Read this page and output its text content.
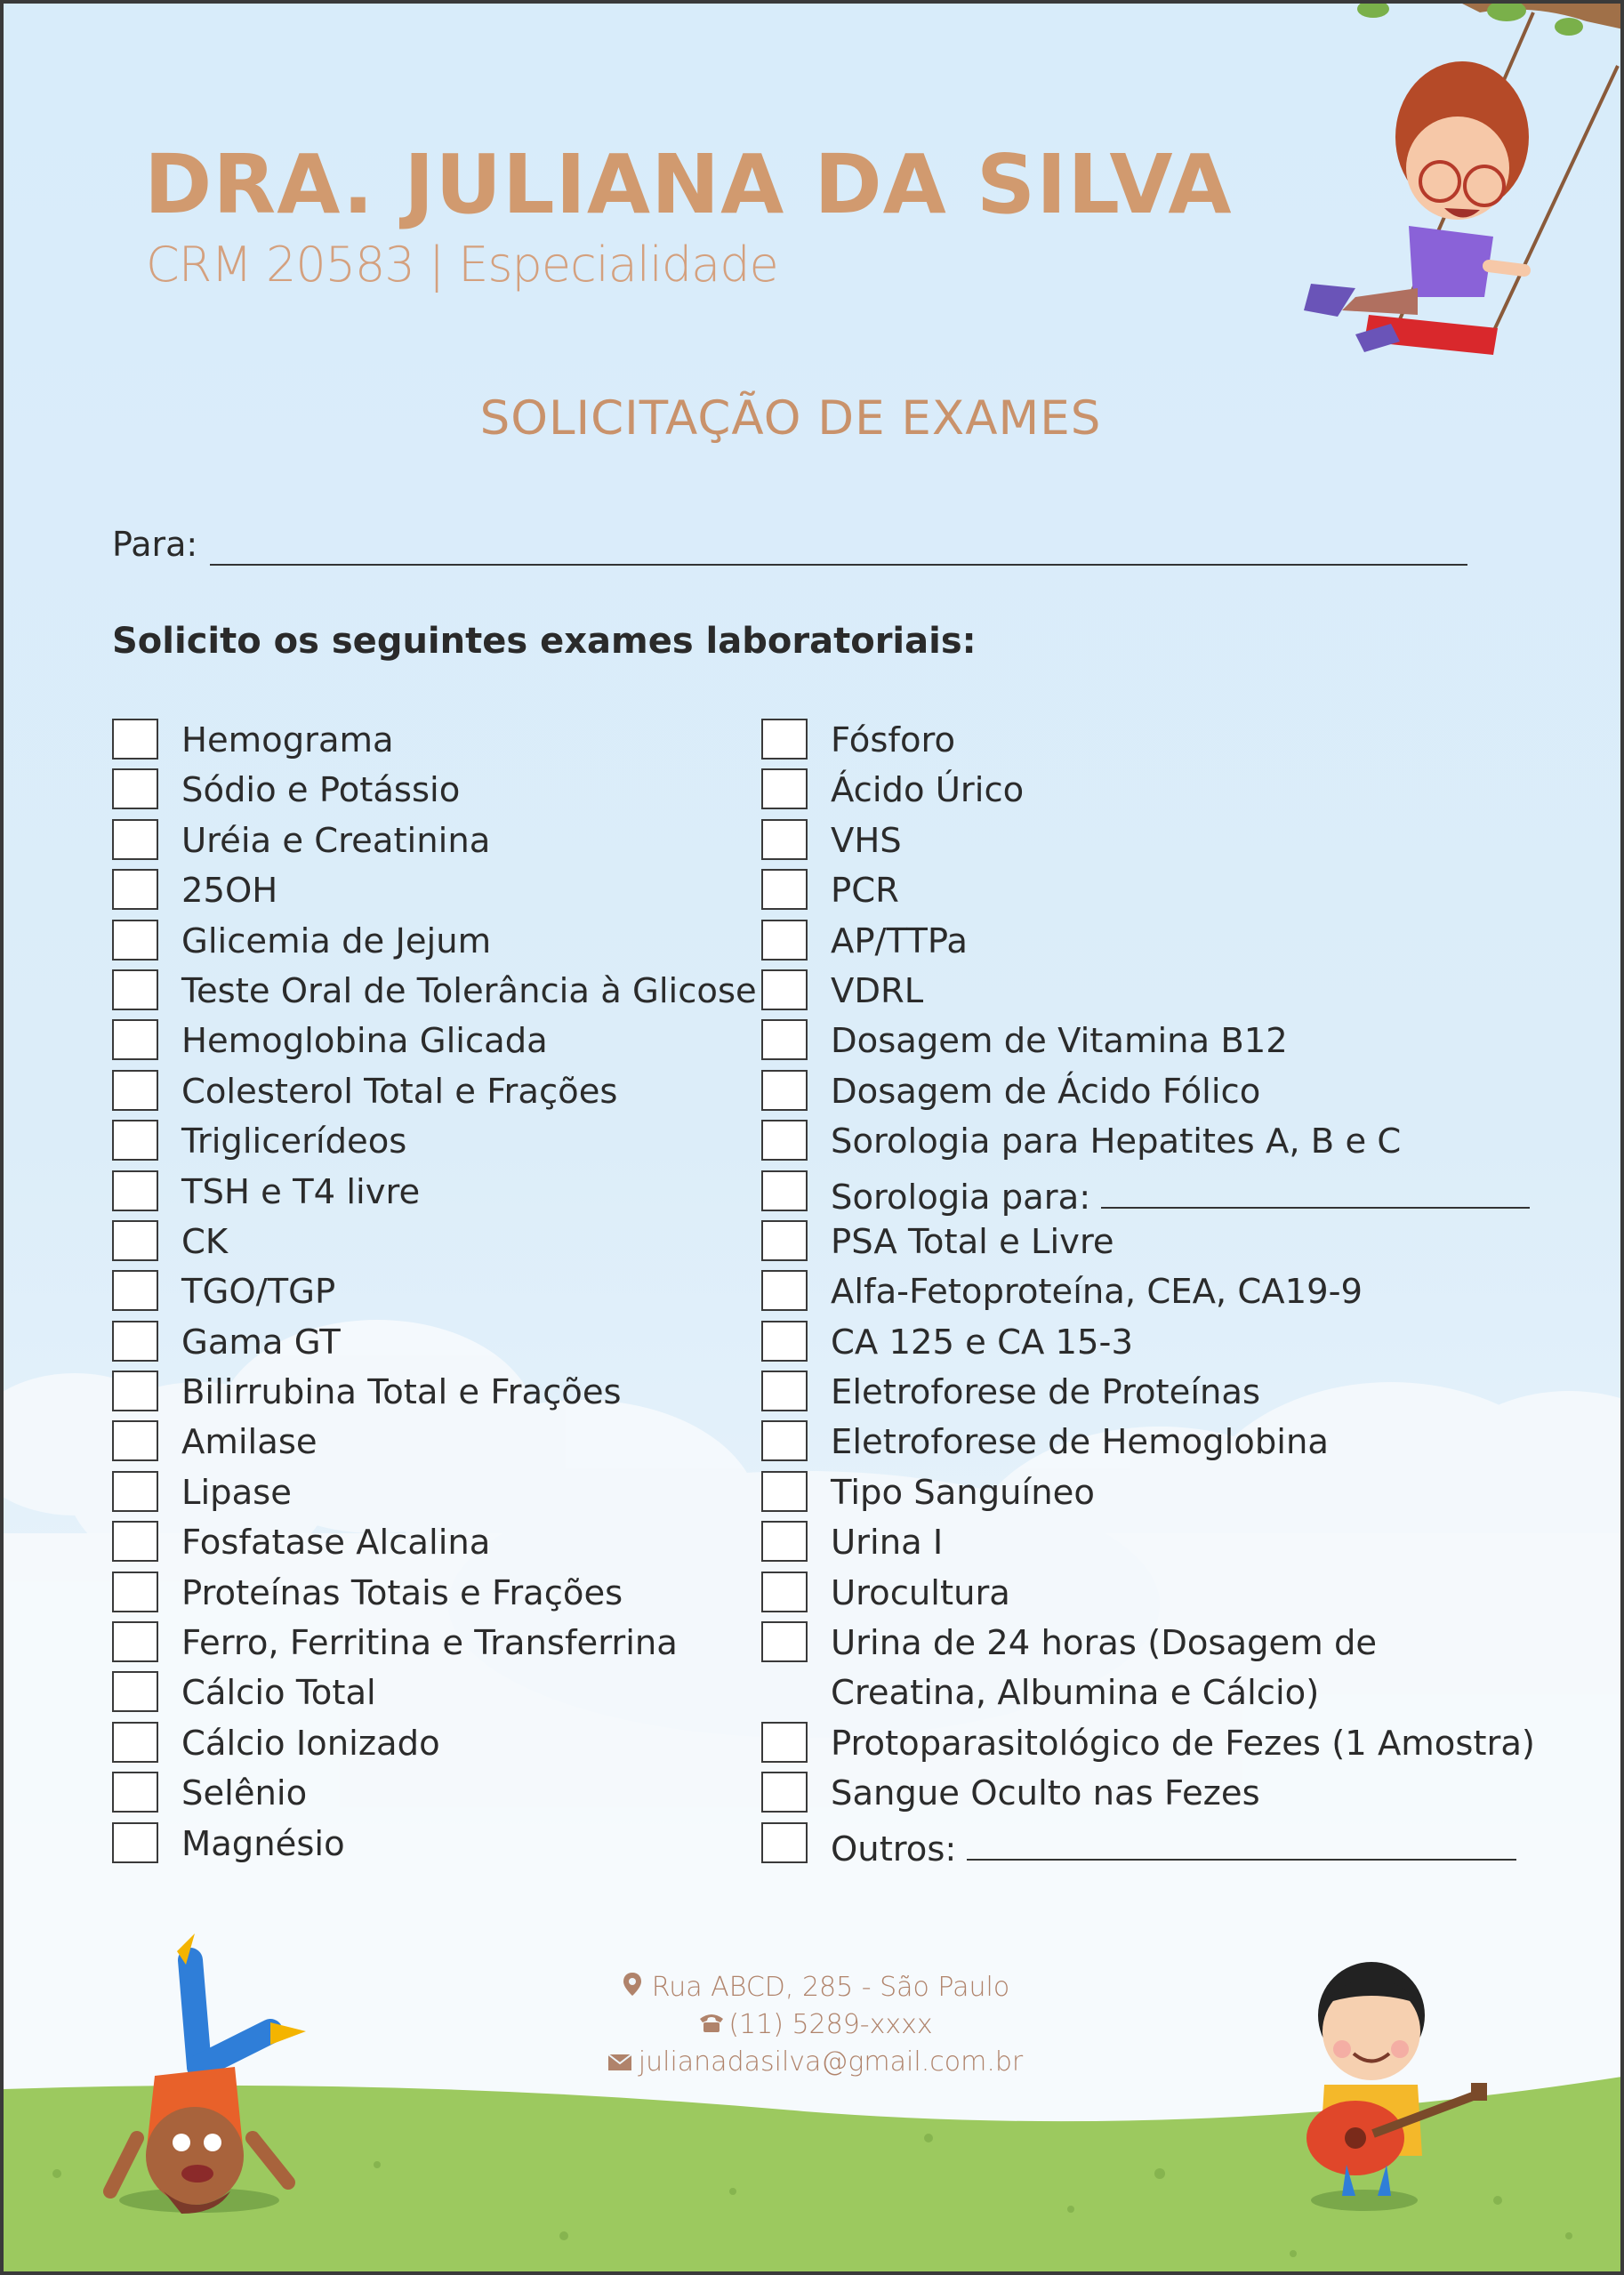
DRA. JULIANA DA SILVA
CRM 20583 | Especialidade
SOLICITAÇÃO DE EXAMES
Para:
Solicito os seguintes exames laboratoriais:
Hemograma
Sódio e Potássio
Uréia e Creatinina
25OH
Glicemia de Jejum
Teste Oral de Tolerância à Glicose
Hemoglobina Glicada
Colesterol Total e Frações
Triglicerídeos
TSH e T4 livre
CK
TGO/TGP
Gama GT
Bilirrubina Total e Frações
Amilase
Lipase
Fosfatase Alcalina
Proteínas Totais e Frações
Ferro, Ferritina e Transferrina
Cálcio Total
Cálcio Ionizado
Selênio
Magnésio
Fósforo
Ácido Úrico
VHS
PCR
AP/TTPa
VDRL
Dosagem de Vitamina B12
Dosagem de Ácido Fólico
Sorologia para Hepatites A, B e C
Sorologia para:
PSA Total e Livre
Alfa-Fetoproteína, CEA, CA19-9
CA 125 e CA 15-3
Eletroforese de Proteínas
Eletroforese de Hemoglobina
Tipo Sanguíneo
Urina I
Urocultura
Urina de 24 horas (Dosagem de Creatina, Albumina e Cálcio)
Protoparasitológico de Fezes (1 Amostra)
Sangue Oculto nas Fezes
Outros:
Rua ABCD, 285 - São Paulo
(11) 5289-xxxx
julianadasilva@gmail.com.br
